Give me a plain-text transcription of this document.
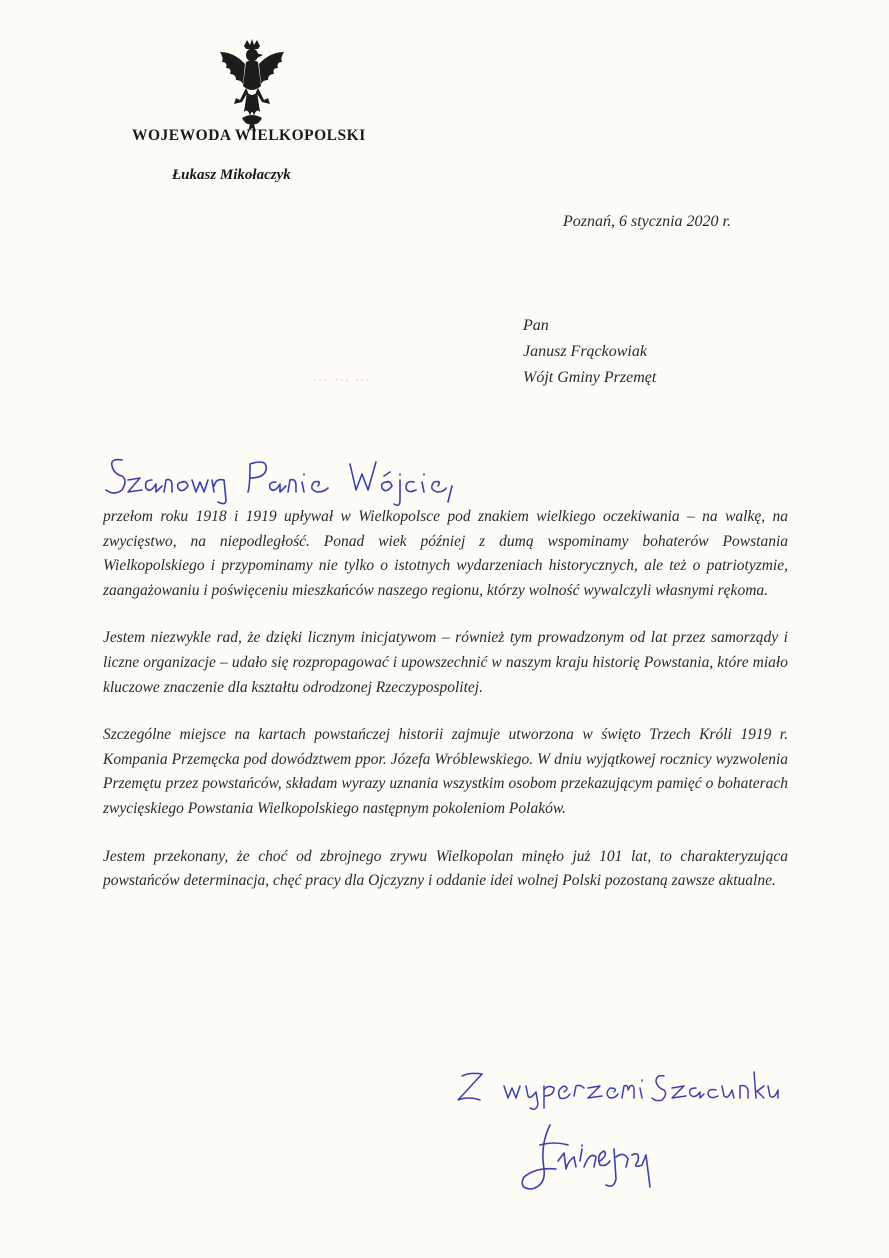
WOJEWODA WIELKOPOLSKI
Łukasz Mikołaczyk
Poznań, 6 stycznia 2020 r.
Pan
Janusz Frąckowiak
Wójt Gminy Przemęt

przełom roku 1918 i 1919 upływał w Wielkopolsce pod znakiem wielkiego oczekiwania – na walkę, na zwycięstwo, na niepodległość. Ponad wiek później z dumą wspominamy bohaterów Powstania Wielkopolskiego i przypominamy nie tylko o istotnych wydarzeniach historycznych, ale też o patriotyzmie, zaangażowaniu i poświęceniu mieszkańców naszego regionu, którzy wolność wywalczyli własnymi rękoma.

Jestem niezwykle rad, że dzięki licznym inicjatywom – również tym prowadzonym od lat przez samorządy i liczne organizacje – udało się rozpropagować i upowszechnić w naszym kraju historię Powstania, które miało kluczowe znaczenie dla kształtu odrodzonej Rzeczypospolitej.

Szczególne miejsce na kartach powstańczej historii zajmuje utworzona w święto Trzech Króli 1919 r. Kompania Przemęcka pod dowództwem ppor. Józefa Wróblewskiego. W dniu wyjątkowej rocznicy wyzwolenia Przemętu przez powstańców, składam wyrazy uznania wszystkim osobom przekazującym pamięć o bohaterach zwycięskiego Powstania Wielkopolskiego następnym pokoleniom Polaków.

Jestem przekonany, że choć od zbrojnego zrywu Wielkopolan minęło już 101 lat, to charakteryzująca powstańców determinacja, chęć pracy dla Ojczyzny i oddanie idei wolnej Polski pozostaną zawsze aktualne.
